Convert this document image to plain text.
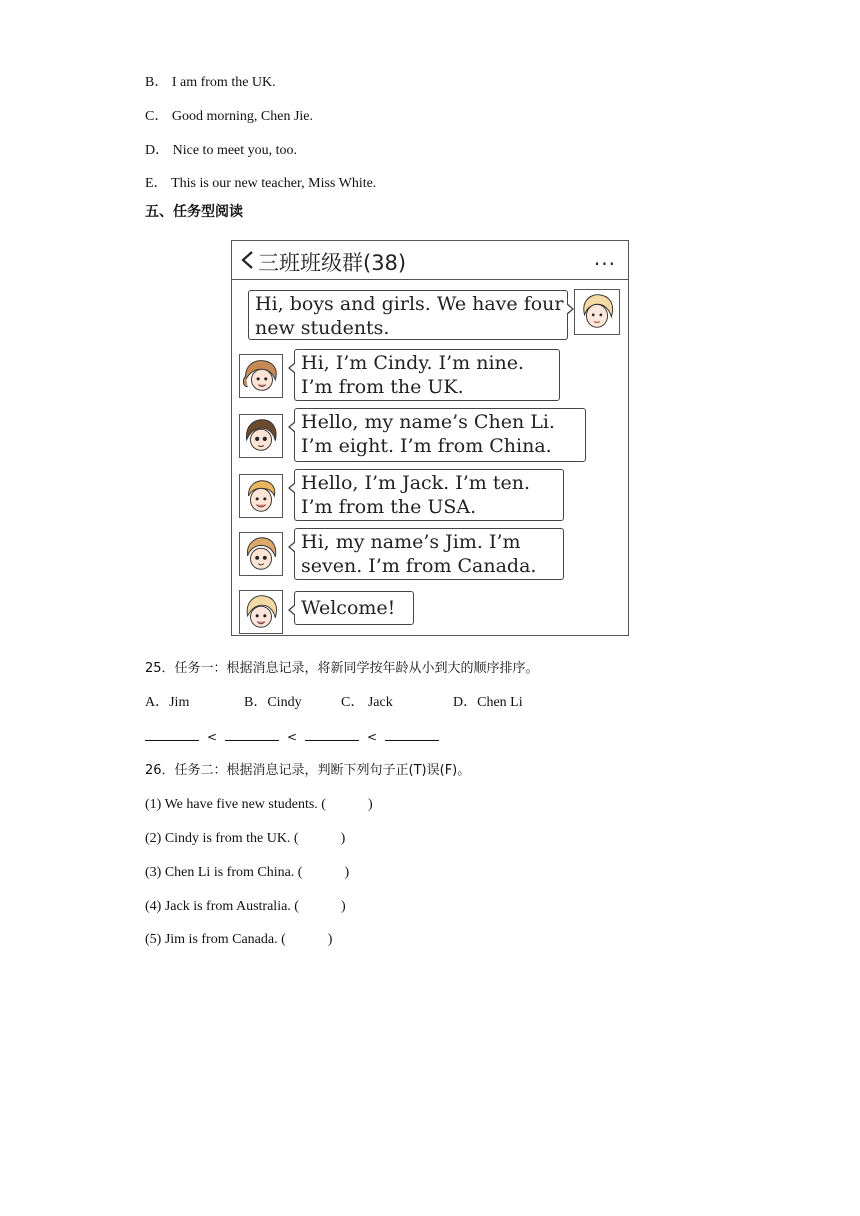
B． I am from the UK.
C． Good morning, Chen Jie.
D． Nice to meet you, too.
E． This is our new teacher, Miss White.
五、任务型阅读
三班班级群(38)	···
Hi, boys and girls. We have four
new students.
Hi, I’m Cindy. I’m nine.
I’m from the UK.
Hello, my name’s Chen Li.
I’m eight. I’m from China.
Hello, I’m Jack. I’m ten.
I’m from the USA.
Hi, my name’s Jim. I’m
seven. I’m from Canada.
Welcome!
25．任务一：根据消息记录，将新同学按年龄从小到大的顺序排序。
A．Jim	B．Cindy	C． Jack	D．Chen Li
<	<	<
26．任务二：根据消息记录，判断下列句子正(T)误(F)。
(1) We have five new students. (            )
(2) Cindy is from the UK. (            )
(3) Chen Li is from China. (            )
(4) Jack is from Australia. (            )
(5) Jim is from Canada. (            )
